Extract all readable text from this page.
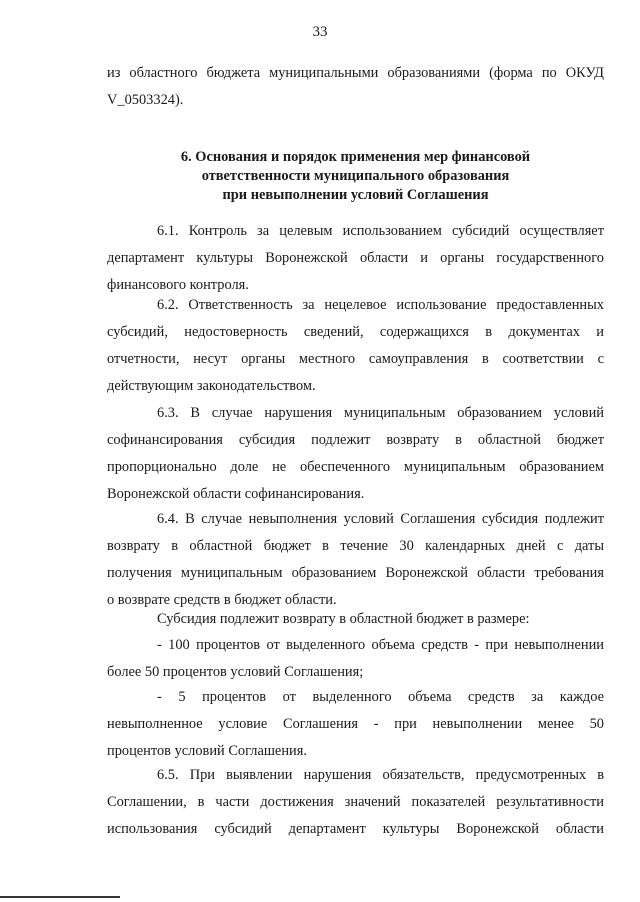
33
из областного бюджета муниципальными образованиями (форма по ОКУД
V_0503324).
6. Основания и порядок применения мер финансовой
ответственности муниципального образования
при невыполнении условий Соглашения
6.1. Контроль за целевым использованием субсидий осуществляет
департамент культуры Воронежской области и органы государственного
финансового контроля.
6.2. Ответственность за нецелевое использование предоставленных
субсидий, недостоверность сведений, содержащихся в документах и
отчетности, несут органы местного самоуправления в соответствии с
действующим законодательством.
6.3. В случае нарушения муниципальным образованием условий
софинансирования субсидия подлежит возврату в областной бюджет
пропорционально доле не обеспеченного муниципальным образованием
Воронежской области софинансирования.
6.4. В случае невыполнения условий Соглашения субсидия подлежит
возврату в областной бюджет в течение 30 календарных дней с даты
получения муниципальным образованием Воронежской области требования
о возврате средств в бюджет области.
Субсидия подлежит возврату в областной бюджет в размере:
- 100 процентов от выделенного объема средств - при невыполнении
более 50 процентов условий Соглашения;
- 5 процентов от выделенного объема средств за каждое
невыполненное условие Соглашения - при невыполнении менее 50
процентов условий Соглашения.
6.5. При выявлении нарушения обязательств, предусмотренных в
Соглашении, в части достижения значений показателей результативности
использования субсидий департамент культуры Воронежской области
